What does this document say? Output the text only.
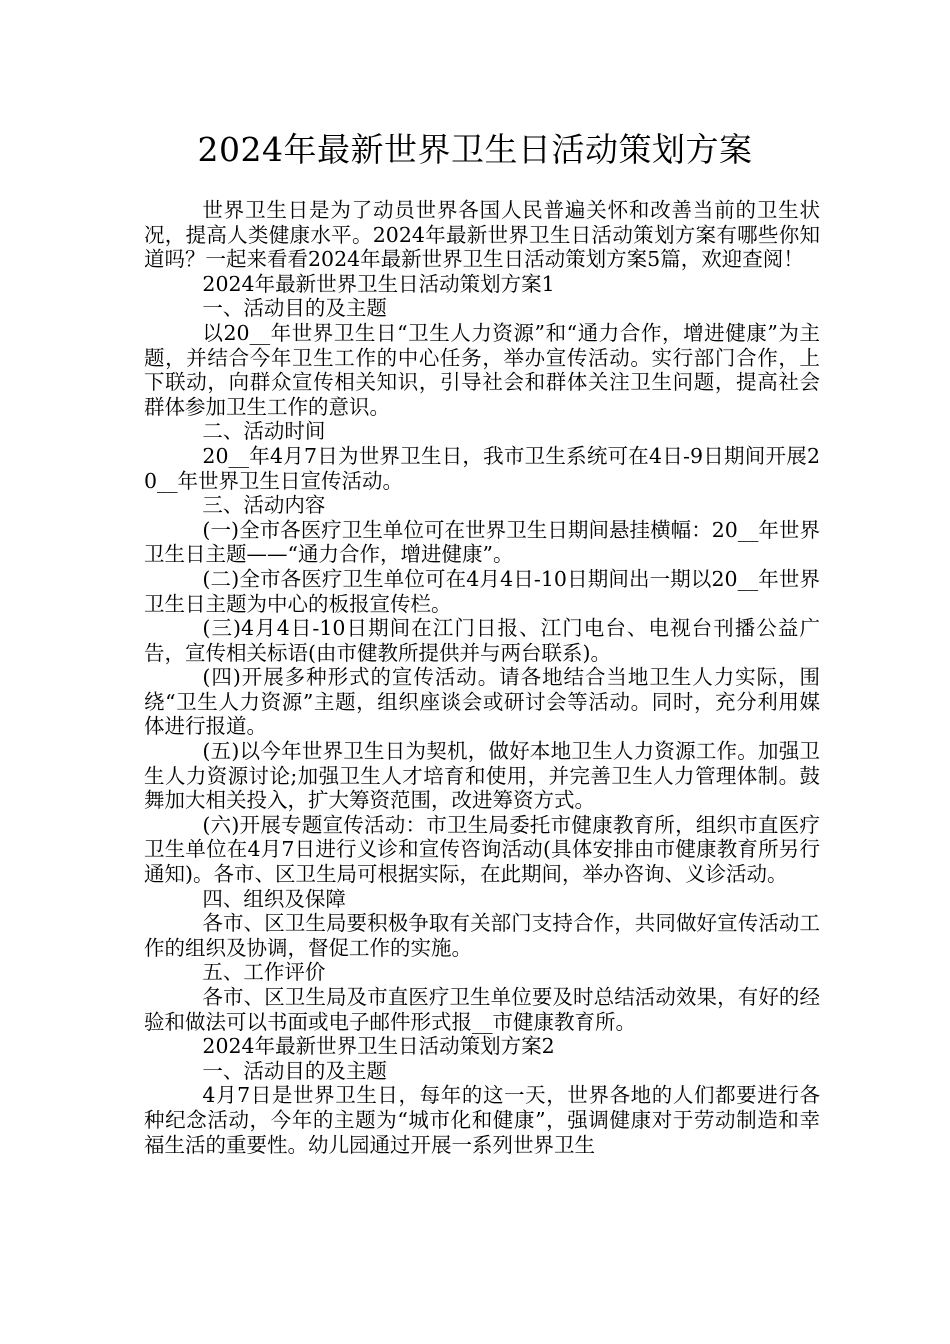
2024年最新世界卫生日活动策划方案

世界卫生日是为了动员世界各国人民普遍关怀和改善当前的卫生状况，提高人类健康水平。2024年最新世界卫生日活动策划方案有哪些你知道吗？一起来看看2024年最新世界卫生日活动策划方案5篇，欢迎查阅！

2024年最新世界卫生日活动策划方案1

一、活动目的及主题

以20__年世界卫生日“卫生人力资源”和“通力合作，增进健康”为主题，并结合今年卫生工作的中心任务，举办宣传活动。实行部门合作，上下联动，向群众宣传相关知识，引导社会和群体关注卫生问题，提高社会群体参加卫生工作的意识。

二、活动时间

20__年4月7日为世界卫生日，我市卫生系统可在4日-9日期间开展20__年世界卫生日宣传活动。

三、活动内容

(一)全市各医疗卫生单位可在世界卫生日期间悬挂横幅：20__年世界卫生日主题——“通力合作，增进健康”。

(二)全市各医疗卫生单位可在4月4日-10日期间出一期以20__年世界卫生日主题为中心的板报宣传栏。

(三)4月4日-10日期间在江门日报、江门电台、电视台刊播公益广告，宣传相关标语(由市健教所提供并与两台联系)。

(四)开展多种形式的宣传活动。请各地结合当地卫生人力实际，围绕“卫生人力资源”主题，组织座谈会或研讨会等活动。同时，充分利用媒体进行报道。

(五)以今年世界卫生日为契机，做好本地卫生人力资源工作。加强卫生人力资源讨论;加强卫生人才培育和使用，并完善卫生人力管理体制。鼓舞加大相关投入，扩大筹资范围，改进筹资方式。

(六)开展专题宣传活动：市卫生局委托市健康教育所，组织市直医疗卫生单位在4月7日进行义诊和宣传咨询活动(具体安排由市健康教育所另行通知)。各市、区卫生局可根据实际，在此期间，举办咨询、义诊活动。

四、组织及保障

各市、区卫生局要积极争取有关部门支持合作，共同做好宣传活动工作的组织及协调，督促工作的实施。

五、工作评价

各市、区卫生局及市直医疗卫生单位要及时总结活动效果，有好的经验和做法可以书面或电子邮件形式报__市健康教育所。

2024年最新世界卫生日活动策划方案2

一、活动目的及主题

4月7日是世界卫生日，每年的这一天，世界各地的人们都要进行各种纪念活动，今年的主题为“城市化和健康”，强调健康对于劳动制造和幸福生活的重要性。幼儿园通过开展一系列世界卫生
